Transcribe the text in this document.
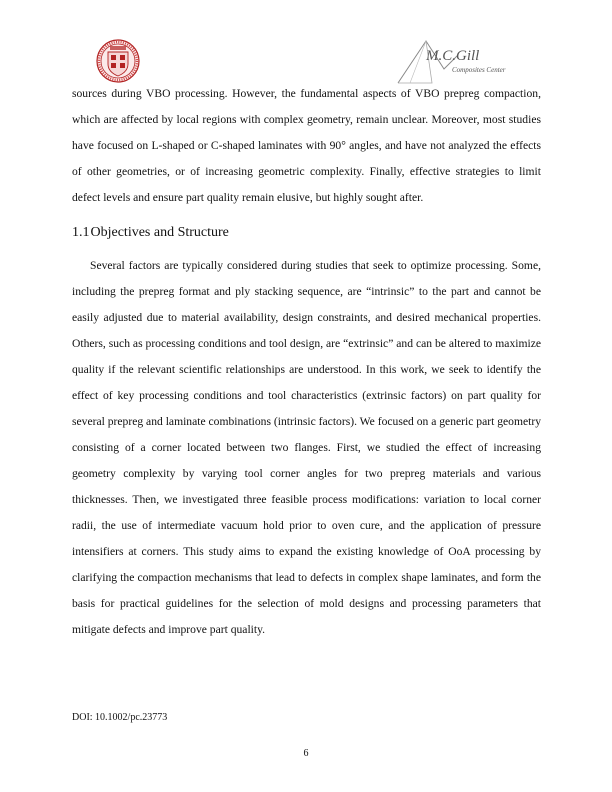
M.C.Gill
Composites Center

sources during VBO processing. However, the fundamental aspects of VBO prepreg compaction, which are affected by local regions with complex geometry, remain unclear. Moreover, most studies have focused on L-shaped or C-shaped laminates with 90° angles, and have not analyzed the effects of other geometries, or of increasing geometric complexity. Finally, effective strategies to limit defect levels and ensure part quality remain elusive, but highly sought after.

1.1Objectives and Structure

Several factors are typically considered during studies that seek to optimize processing. Some, including the prepreg format and ply stacking sequence, are “intrinsic” to the part and cannot be easily adjusted due to material availability, design constraints, and desired mechanical properties. Others, such as processing conditions and tool design, are “extrinsic” and can be altered to maximize quality if the relevant scientific relationships are understood. In this work, we seek to identify the effect of key processing conditions and tool characteristics (extrinsic factors) on part quality for several prepreg and laminate combinations (intrinsic factors). We focused on a generic part geometry consisting of a corner located between two flanges. First, we studied the effect of increasing geometry complexity by varying tool corner angles for two prepreg materials and various thicknesses. Then, we investigated three feasible process modifications: variation to local corner radii, the use of intermediate vacuum hold prior to oven cure, and the application of pressure intensifiers at corners. This study aims to expand the existing knowledge of OoA processing by clarifying the compaction mechanisms that lead to defects in complex shape laminates, and form the basis for practical guidelines for the selection of mold designs and processing parameters that mitigate defects and improve part quality.

DOI: 10.1002/pc.23773
6
